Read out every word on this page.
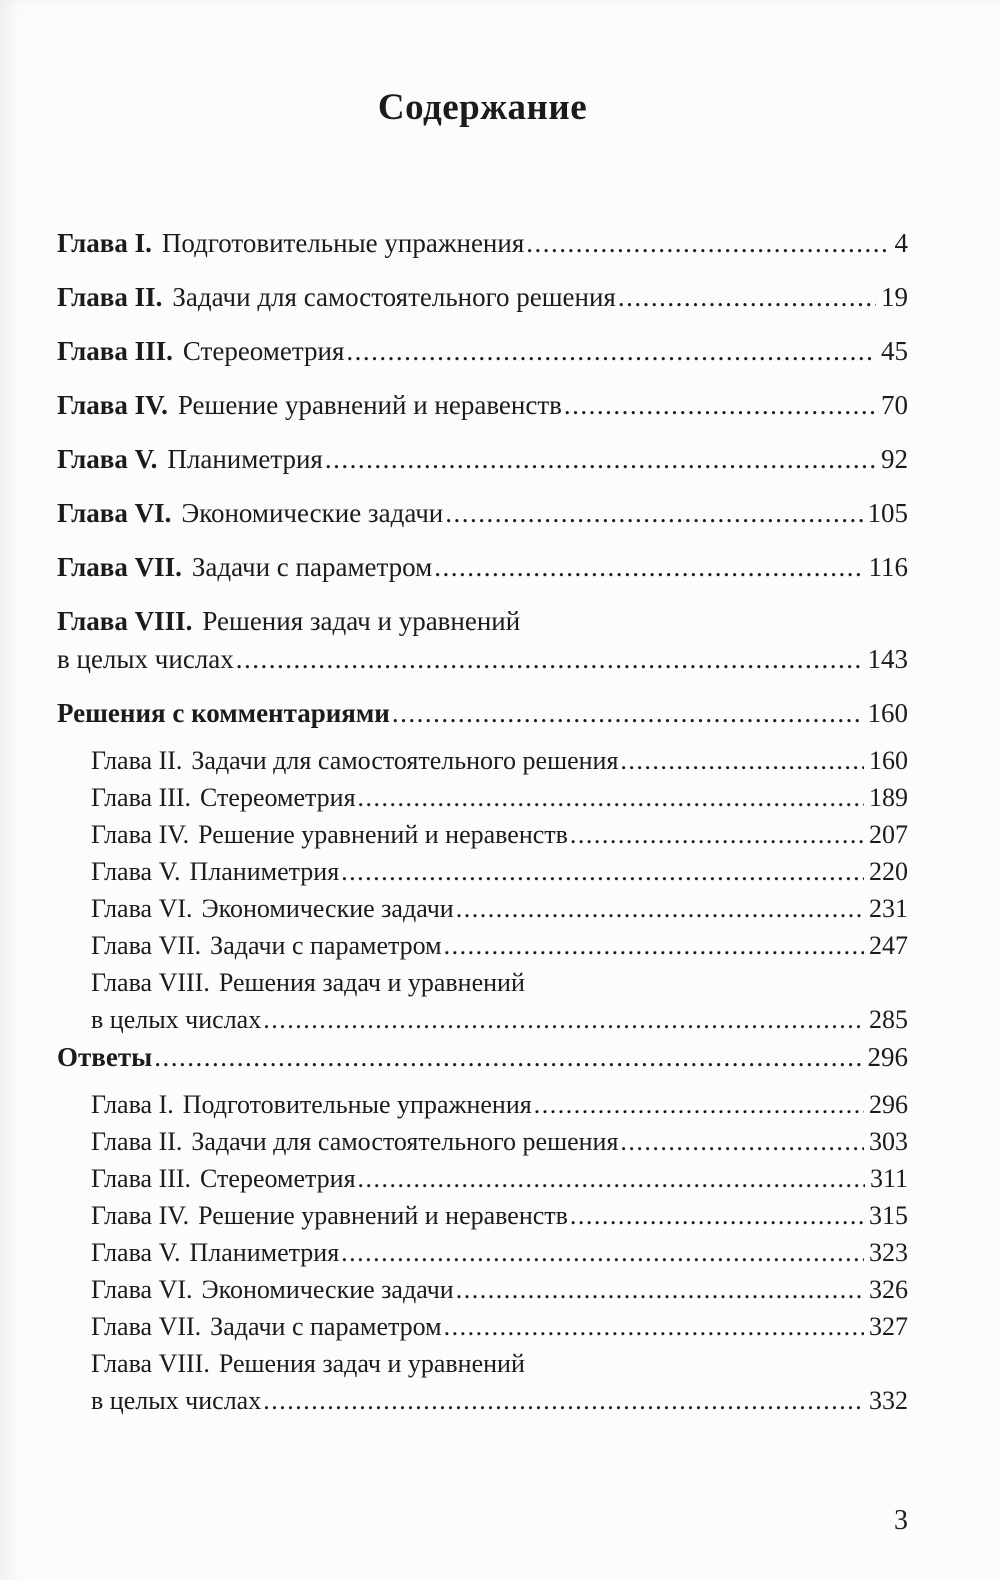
Содержание
Глава I. Подготовительные упражнения .....	4
Глава II. Задачи для самостоятельного решения .....	19
Глава III. Стереометрия .....	45
Глава IV. Решение уравнений и неравенств .....	70
Глава V. Планиметрия .....	92
Глава VI. Экономические задачи .....	105
Глава VII. Задачи с параметром .....	116
Глава VIII. Решения задач и уравнений
в целых числах .....	143
Решения с комментариями .....	160
Глава II. Задачи для самостоятельного решения .....	160
Глава III. Стереометрия .....	189
Глава IV. Решение уравнений и неравенств .....	207
Глава V. Планиметрия .....	220
Глава VI. Экономические задачи .....	231
Глава VII. Задачи с параметром .....	247
Глава VIII. Решения задач и уравнений
в целых числах .....	285
Ответы .....	296
Глава I. Подготовительные упражнения .....	296
Глава II. Задачи для самостоятельного решения .....	303
Глава III. Стереометрия .....	311
Глава IV. Решение уравнений и неравенств .....	315
Глава V. Планиметрия .....	323
Глава VI. Экономические задачи .....	326
Глава VII. Задачи с параметром .....	327
Глава VIII. Решения задач и уравнений
в целых числах .....	332
3
